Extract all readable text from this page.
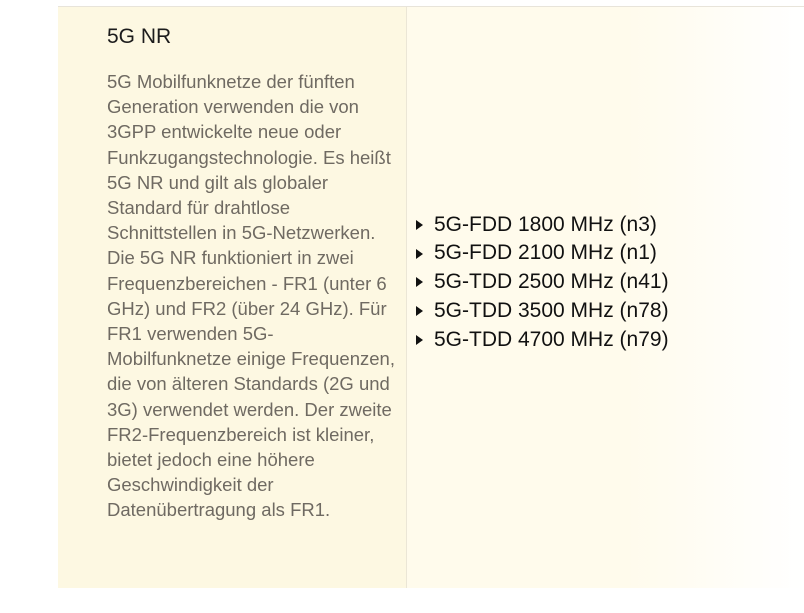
5G NR

5G Mobilfunknetze der fünften Generation verwenden die von 3GPP entwickelte neue oder Funkzugangstechnologie. Es heißt 5G NR und gilt als globaler Standard für drahtlose Schnittstellen in 5G-Netzwerken. Die 5G NR funktioniert in zwei Frequenzbereichen - FR1 (unter 6 GHz) und FR2 (über 24 GHz). Für FR1 verwenden 5G-Mobilfunknetze einige Frequenzen, die von älteren Standards (2G und 3G) verwendet werden. Der zweite FR2-Frequenzbereich ist kleiner, bietet jedoch eine höhere Geschwindigkeit der Datenübertragung als FR1.

5G-FDD 1800 MHz (n3)
5G-FDD 2100 MHz (n1)
5G-TDD 2500 MHz (n41)
5G-TDD 3500 MHz (n78)
5G-TDD 4700 MHz (n79)
